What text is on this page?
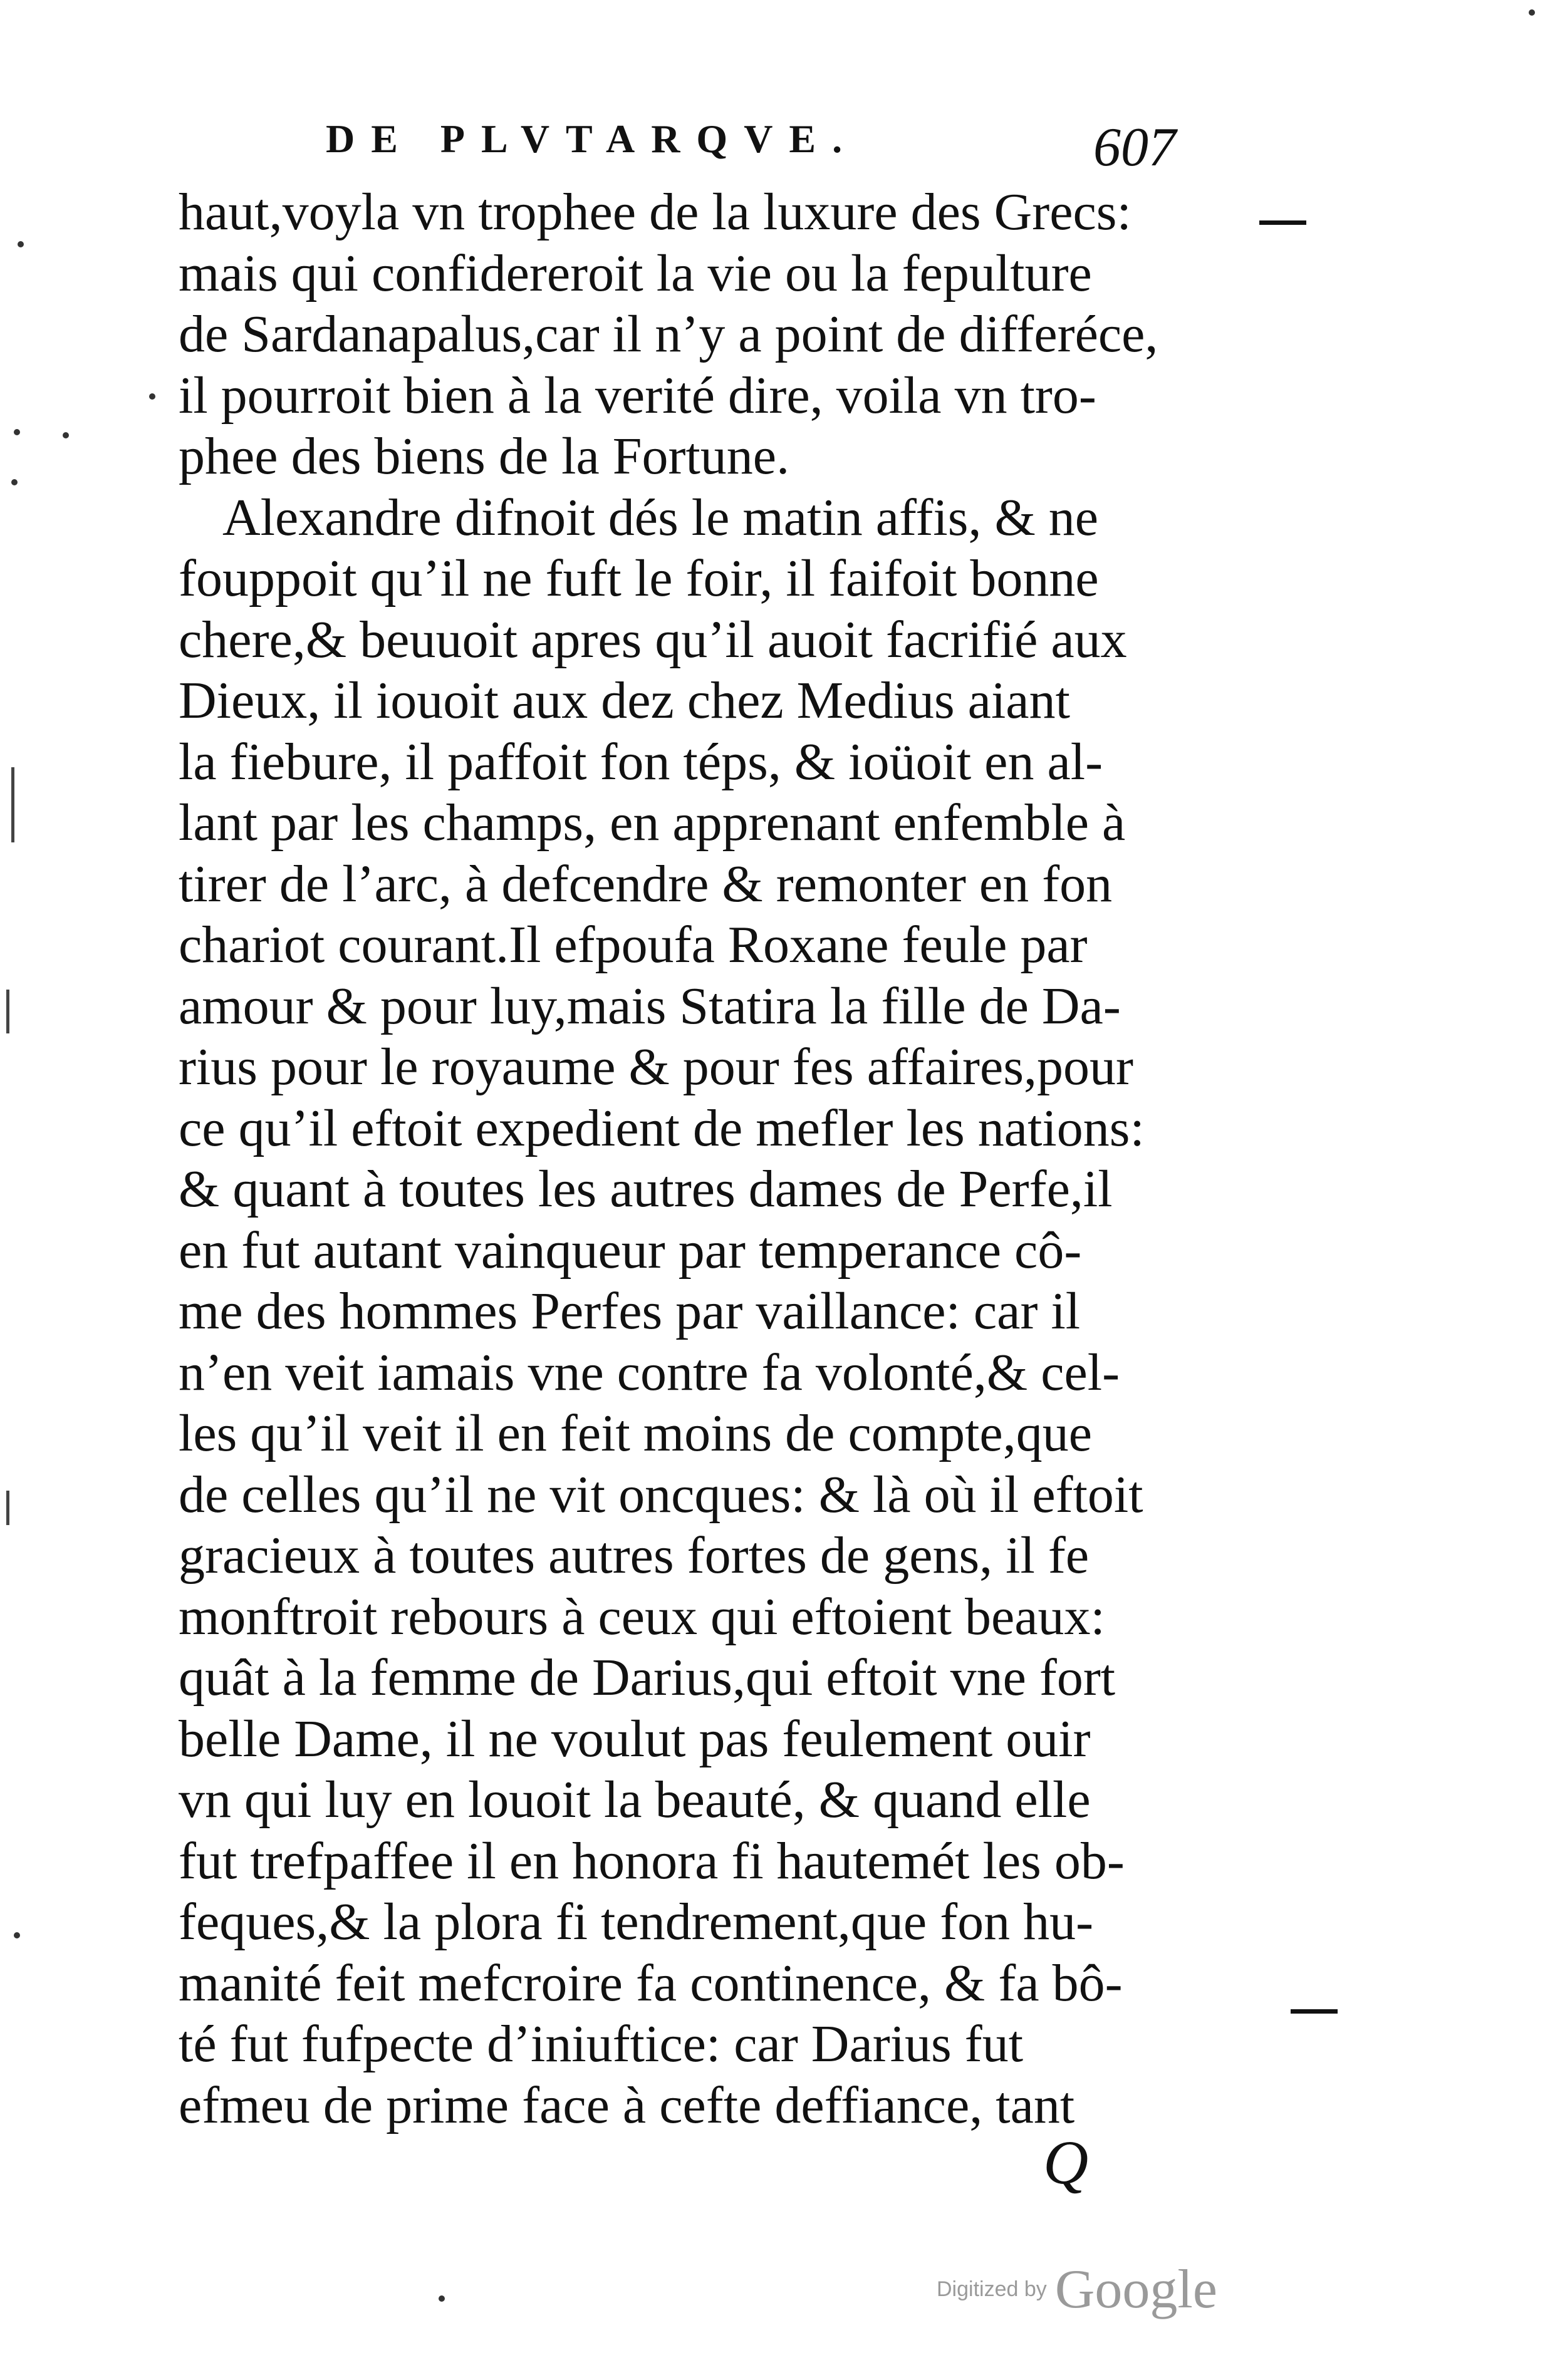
DE PLVTARQVE.	607
haut,voyla vn trophee de la luxure des Grecs:
mais qui confidereroit la vie ou la fepulture
de Sardanapalus,car il n’y a point de differéce,
il pourroit bien à la verité dire, voila vn tro-
phee des biens de la Fortune.
Alexandre difnoit dés le matin affis, & ne
fouppoit qu’il ne fuft le foir, il faifoit bonne
chere,& beuuoit apres qu’il auoit facrifié aux
Dieux, il iouoit aux dez chez Medius aiant
la fiebure, il paffoit fon téps, & ioüoit en al-
lant par les champs, en apprenant enfemble à
tirer de l’arc, à defcendre & remonter en fon
chariot courant.Il efpoufa Roxane feule par
amour & pour luy,mais Statira la fille de Da-
rius pour le royaume & pour fes affaires,pour
ce qu’il eftoit expedient de mefler les nations:
& quant à toutes les autres dames de Perfe,il
en fut autant vainqueur par temperance cô-
me des hommes Perfes par vaillance: car il
n’en veit iamais vne contre fa volonté,& cel-
les qu’il veit il en feit moins de compte,que
de celles qu’il ne vit oncques: & là où il eftoit
gracieux à toutes autres fortes de gens, il fe
monftroit rebours à ceux qui eftoient beaux:
quât à la femme de Darius,qui eftoit vne fort
belle Dame, il ne voulut pas feulement ouir
vn qui luy en louoit la beauté, & quand elle
fut trefpaffee il en honora fi hautemét les ob-
feques,& la plora fi tendrement,que fon hu-
manité feit mefcroire fa continence, & fa bô-
té fut fufpecte d’iniuftice: car Darius fut
efmeu de prime face à cefte deffiance, tant
Q
Digitized by Google
